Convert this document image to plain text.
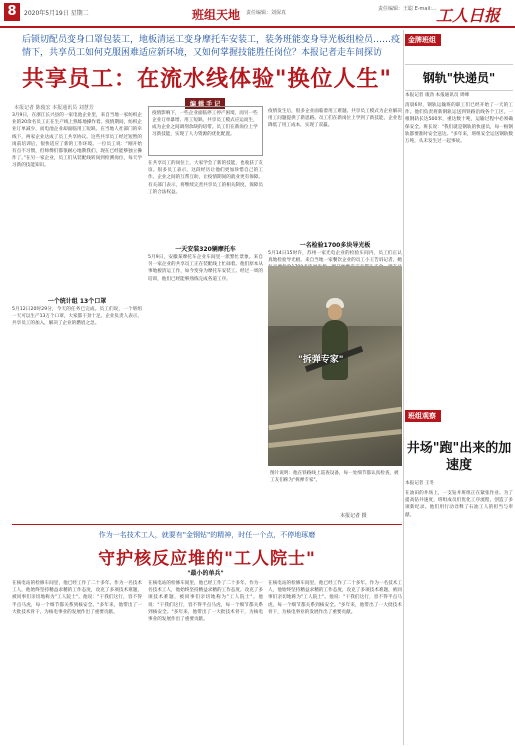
8	2020年5月19日 星期二	班组天地 责任编辑：刘保真
责任编辑：王聪 E-mail:... 工人日报
后锁切配员变身口罩包装工，地板清运工变身摩托车安装工，装务班能变身导光板组检员……疫情下，共享员工如何克服困难适应新环境，又如何掌握技能胜任岗位？本报记者走车间探访
共享员工：在流水线体验"换位人生"
本报记者 陈俊宏 本报通讯员 刘慧芳	编 辑 手 记
疫情影响下，一些企业面临停工停产困境，而另一些企业订单暴增、用工短缺。共享员工模式应运而生，成为企业之间调剂余缺的纽带。员工们在新岗位上学习新技能，实现了人力资源的优化配置。
3月9日，在浙江长兴县的一家电池企业里，来自当地一家纺织企业的20余名员工正在生产线上熟练地操作着。疫情期间，纺织企业订单减少，而电池企业却面临用工短缺。在当地人社部门的牵线下，两家企业达成了员工共享协议。这些共享员工经过短暂的岗前培训后，很快适应了新的工作环境。一位员工说：“刚开始有点不习惯，但师傅们都很耐心地教我们，现在已经能够独立操作了。”在另一家企业，员工们从装配线转岗到检测岗位，每天学习新的技能知识。
一个统计组 13个口罩
5月12日20时29分，今天的任务已完成。员工们说，一个班组一天可以生产13万个口罩，大家都干劲十足。企业负责人表示，共享员工的加入，解决了企业的燃眉之急。
在共享员工的岗位上，大家学会了新的技能，也收获了友谊。很多员工表示，这段经历让他们更加珍惜自己的工作。企业之间的互帮互助，让疫情期间的就业更有保障。有关部门表示，将继续完善共享员工的相关制度，保障员工的合法权益。
一天安装320辆摩托车
5月9日，安徽某摩托车企业车间里一派繁忙景象。来自另一家企业的共享员工正在装配线上忙碌着。他们原本从事地板清运工作，如今变身为摩托车安装工。经过一周的培训，他们已经能够熟练完成各道工序。
疫情发生后，很多企业面临着用工难题。共享员工模式为企业解决用工问题提供了新思路。员工们在新岗位上学到了新技能，企业也降低了用工成本，实现了双赢。
一名检验1700多块导光板
5月14日15时许，苏州一家光电企业的检验车间内，员工们正认真地检验导光板。来自当地一家餐饮企业的员工小王告诉记者，她
"拆弹专家"
图片说明：他在铁路线上巡查设备，每一处细节都认真检查，被工友们称为"拆弹专家"。
本报记者 摄
作为一名技术工人，就要有"金钢钻"的精神，时任一个点，不停地琢磨
守护核反应堆的"工人院士"
"最小的单兵"
在核电站的检修车间里，他已经工作了二十多年。作为一名技术工人，他始终坚持精益求精的工作态度，攻克了多项技术难题，被同事们亲切地称为"工人院士"。他说："干我们这行，容不得半点马虎，每一个细节都关系到核安全。"多年来，他带出了一大批技术骨干，为核电事业的发展作出了重要贡献。
在核电站的检修车间里，他已经工作了二十多年。作为一名技术工人，他始终坚持精益求精的工作态度，攻克了多项技术难题，被同事们亲切地称为"工人院士"。他说："干我们这行，容不得半点马虎，每一个细节都关系到核安全。"多年来，他带出了一大批技术骨干，为核电事业的发展作出了重要贡献。
在核电站的检修车间里，他已经工作了二十多年。作为一名技术工人，他始终坚持精益求精的工作态度，攻克了多项技术难题，被同事们亲切地称为"工人院士"。他说："干我们这行，容不得半点马虎，每一个细节都关系到核安全。"多年来，他带出了一大批技术骨干，为核电事业的发展作出了重要贡献。
金牌班组
钢轨"快递员"
本报记者 康劲 本报通讯员 周峰
清晨6时，钢轨运输班的职工们已经开始了一天的工作。他们负责将新钢轨运送到铁路沿线各个工区。一根钢轨长达500米，重达数十吨，运输过程中必须确保安全。班长说："我们就是钢轨的快递员，每一根钢轨都要准时安全送达。"多年来，班组安全运送钢轨数万吨，从未发生过一起事故。
班组观察
井场"跑"出来的加速度
本报记者 王冬
在油田的井场上，一支钻井班组正在紧张作业。为了提高钻井速度，班组成员们优化工序流程，创造了多项新纪录。他们用行动诠释了石油工人的担当与奉献。
